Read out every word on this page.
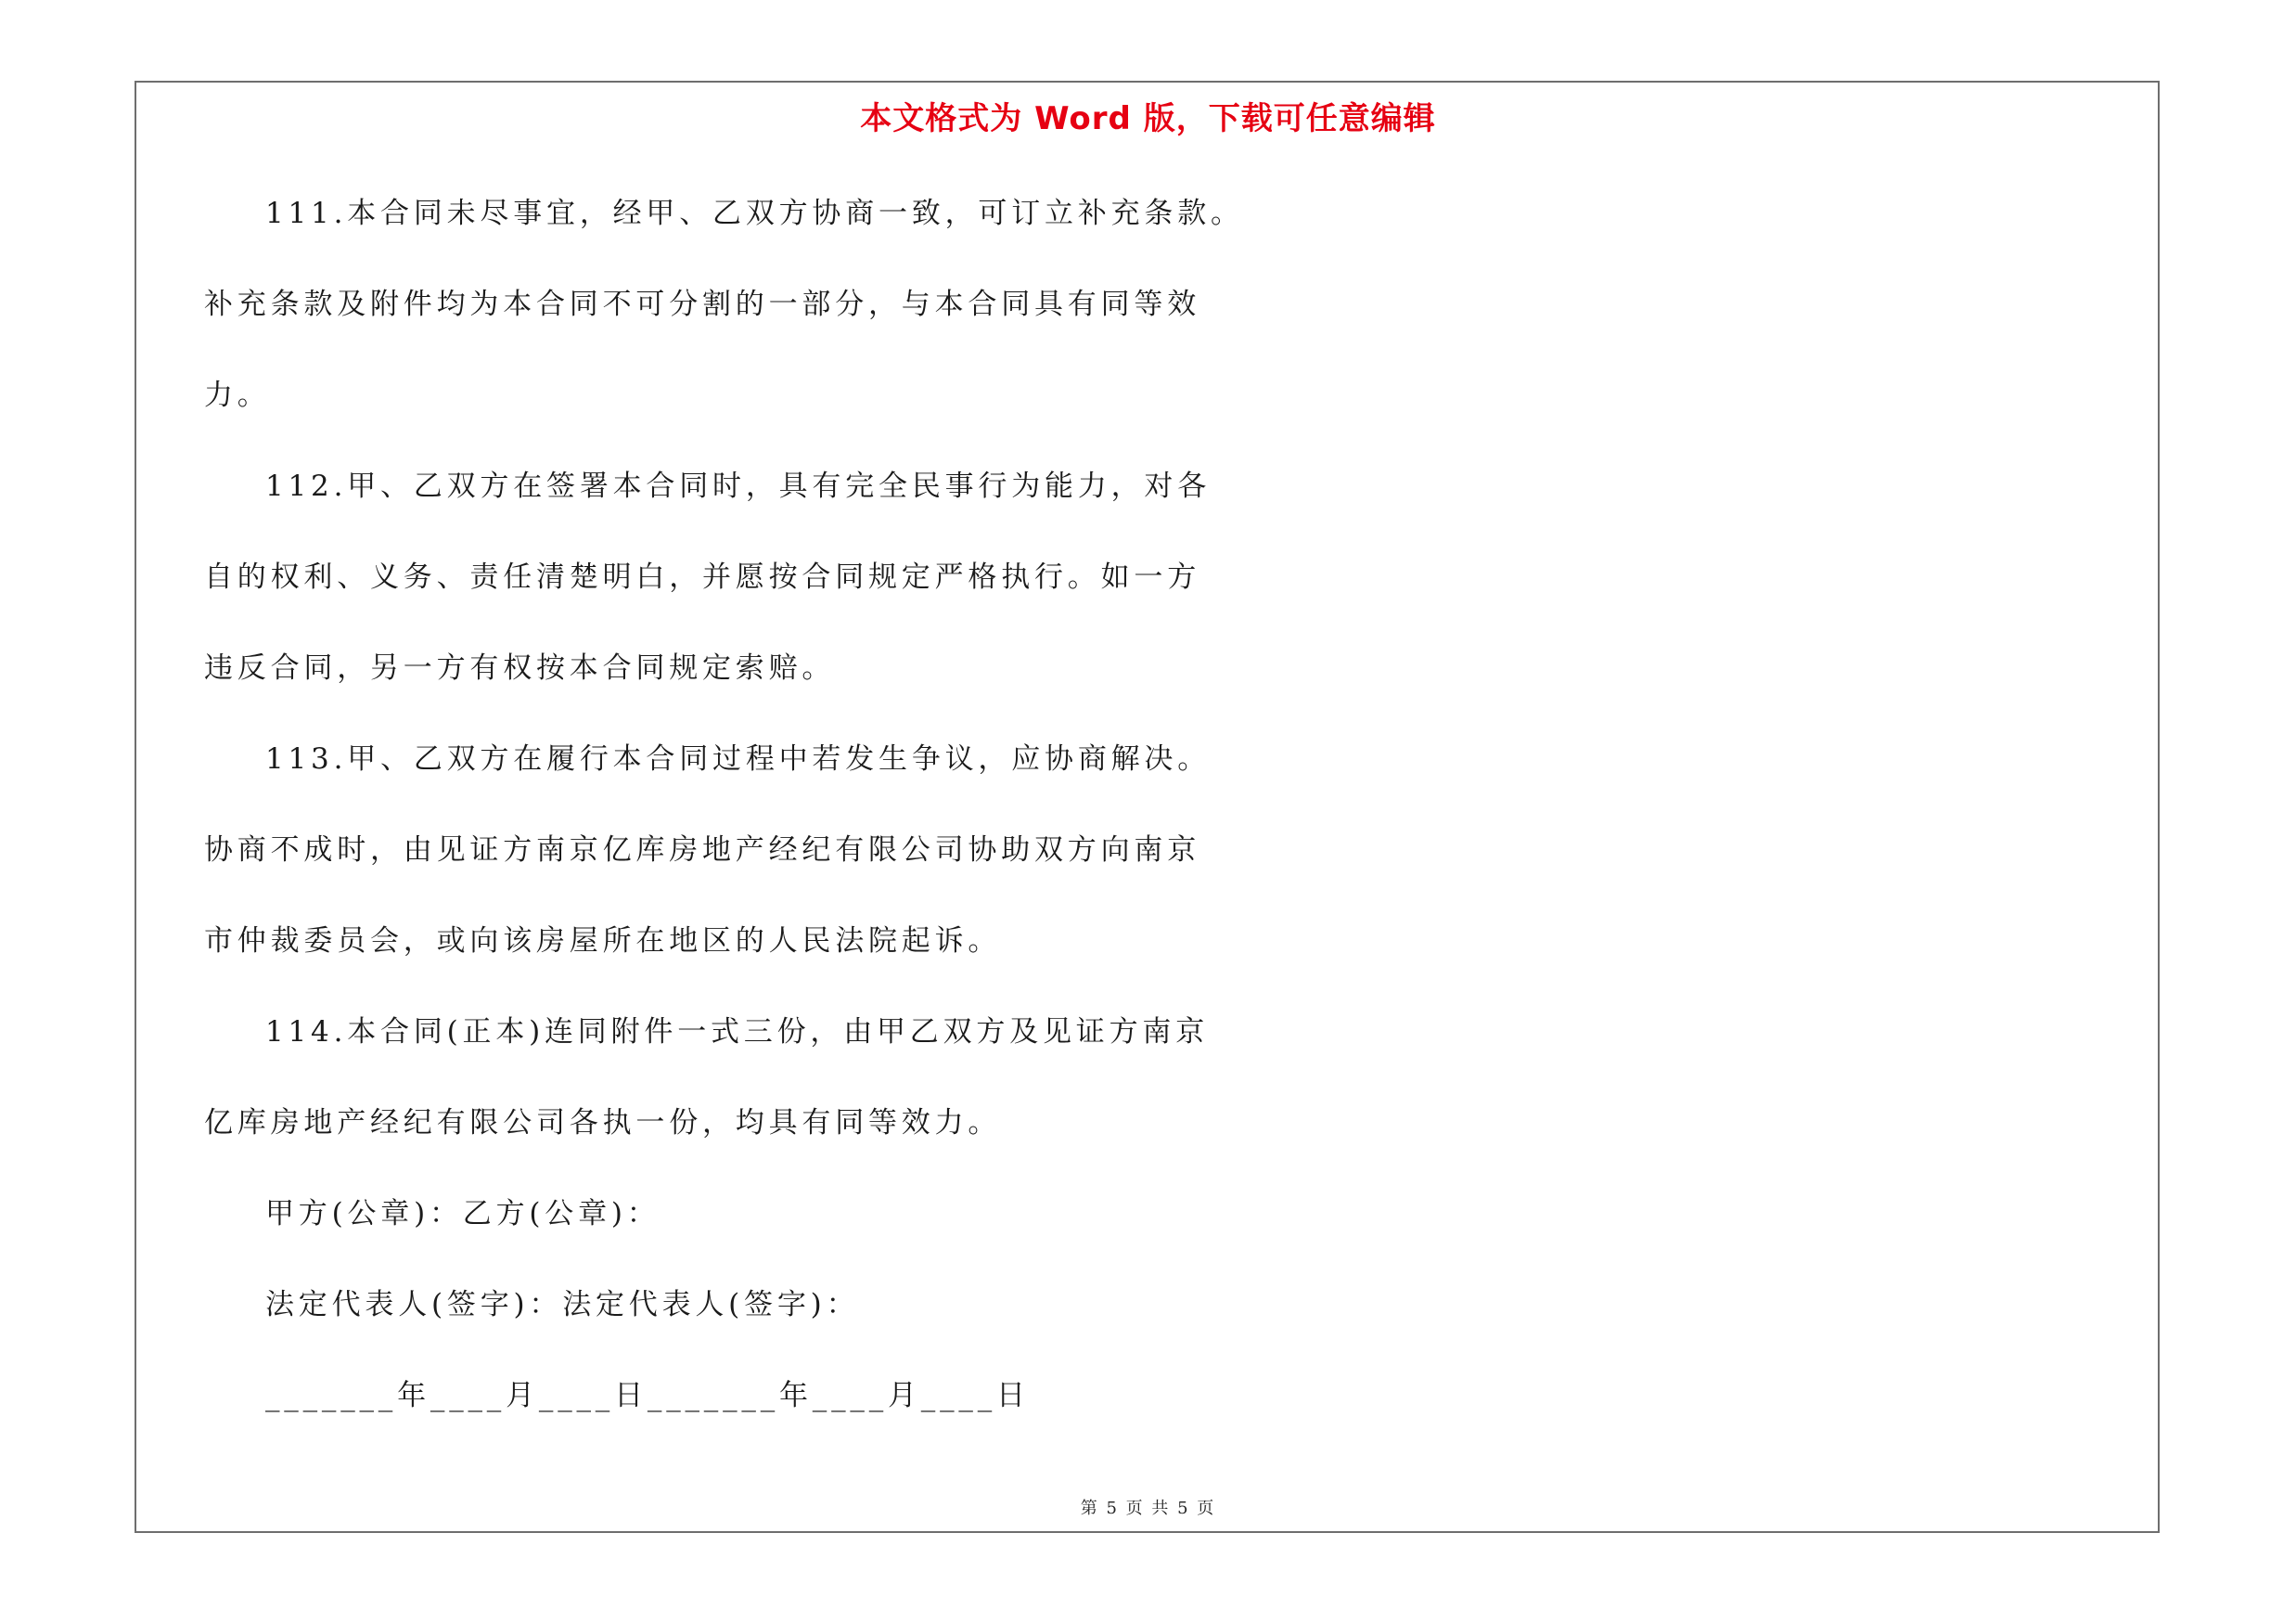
本文格式为 Word 版，下载可任意编辑
111.本合同未尽事宜，经甲、乙双方协商一致，可订立补充条款。
补充条款及附件均为本合同不可分割的一部分，与本合同具有同等效
力。
112.甲、乙双方在签署本合同时，具有完全民事行为能力，对各
自的权利、义务、责任清楚明白，并愿按合同规定严格执行。如一方
违反合同，另一方有权按本合同规定索赔。
113.甲、乙双方在履行本合同过程中若发生争议，应协商解决。
协商不成时，由见证方南京亿库房地产经纪有限公司协助双方向南京
市仲裁委员会，或向该房屋所在地区的人民法院起诉。
114.本合同(正本)连同附件一式三份，由甲乙双方及见证方南京
亿库房地产经纪有限公司各执一份，均具有同等效力。
甲方(公章)：乙方(公章)：
法定代表人(签字)：法定代表人(签字)：
_______年____月____日_______年____月____日
第 5 页 共 5 页
